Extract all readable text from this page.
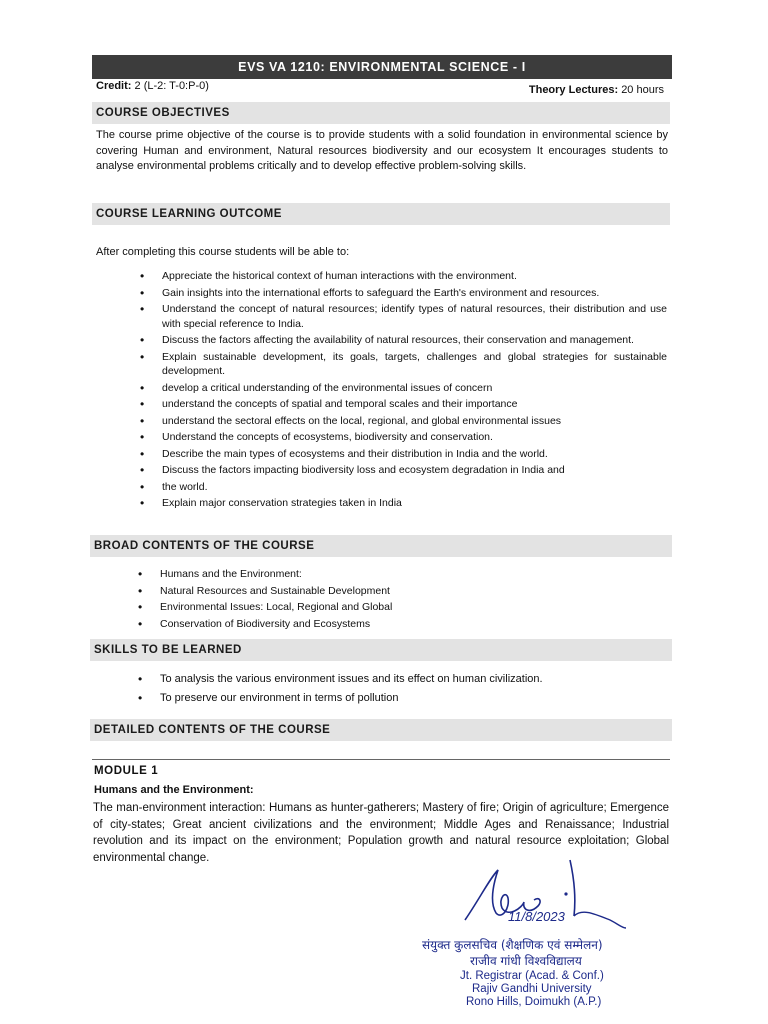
EVS VA 1210: ENVIRONMENTAL SCIENCE - I
Credit: 2 (L-2: T-0:P-0)	Theory Lectures: 20 hours
COURSE OBJECTIVES
The course prime objective of the course is to provide students with a solid foundation in environmental science by covering Human and environment, Natural resources biodiversity and our ecosystem It encourages students to analyse environmental problems critically and to develop effective problem-solving skills.
COURSE LEARNING OUTCOME
After completing this course students will be able to:
• Appreciate the historical context of human interactions with the environment.
• Gain insights into the international efforts to safeguard the Earth's environment and resources.
• Understand the concept of natural resources; identify types of natural resources, their distribution and use with special reference to India.
• Discuss the factors affecting the availability of natural resources, their conservation and management.
• Explain sustainable development, its goals, targets, challenges and global strategies for sustainable development.
• develop a critical understanding of the environmental issues of concern
• understand the concepts of spatial and temporal scales and their importance
• understand the sectoral effects on the local, regional, and global environmental issues
• Understand the concepts of ecosystems, biodiversity and conservation.
• Describe the main types of ecosystems and their distribution in India and the world.
• Discuss the factors impacting biodiversity loss and ecosystem degradation in India and
• the world.
• Explain major conservation strategies taken in India
BROAD CONTENTS OF THE COURSE
• Humans and the Environment:
• Natural Resources and Sustainable Development
• Environmental Issues: Local, Regional and Global
• Conservation of Biodiversity and Ecosystems
SKILLS TO BE LEARNED
• To analysis the various environment issues and its effect on human civilization.
• To preserve our environment in terms of pollution
DETAILED CONTENTS OF THE COURSE
MODULE 1
Humans and the Environment:
The man-environment interaction: Humans as hunter-gatherers; Mastery of fire; Origin of agriculture; Emergence of city-states; Great ancient civilizations and the environment; Middle Ages and Renaissance; Industrial revolution and its impact on the environment; Population growth and natural resource exploitation; Global environmental change.
11/8/2023
संयुक्त कुलसचिव (शैक्षणिक एवं सम्मेलन)
राजीव गांधी विश्वविद्यालय
Jt. Registrar (Acad. & Conf.)
Rajiv Gandhi University
Rono Hills, Doimukh (A.P.)
